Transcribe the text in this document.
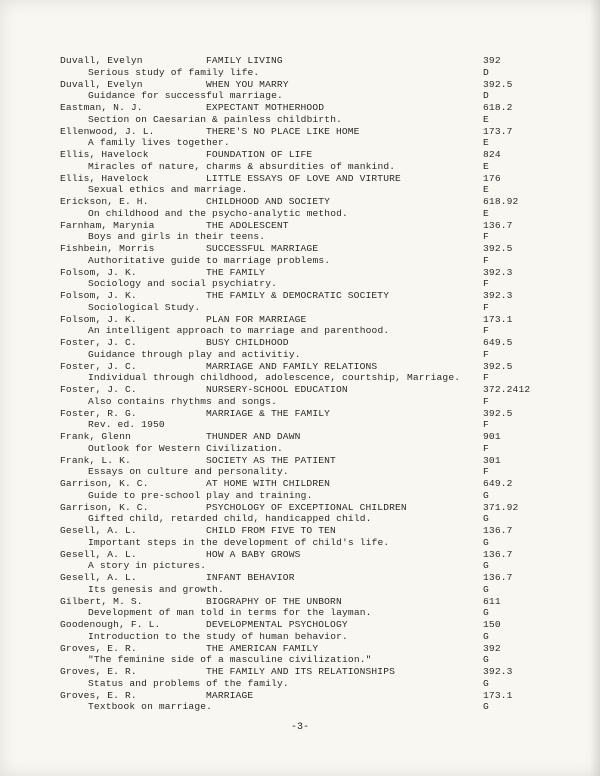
Duvall, Evelyn	FAMILY LIVING	392
Serious study of family life.	D
Duvall, Evelyn	WHEN YOU MARRY	392.5
Guidance for successful marriage.	D
Eastman, N. J.	EXPECTANT MOTHERHOOD	618.2
Section on Caesarian & painless childbirth.	E
Ellenwood, J. L.	THERE'S NO PLACE LIKE HOME	173.7
A family lives together.	E
Ellis, Havelock	FOUNDATION OF LIFE	824
Miracles of nature, charms & absurdities of mankind.	E
Ellis, Havelock	LITTLE ESSAYS OF LOVE AND VIRTURE	176
Sexual ethics and marriage.	E
Erickson, E. H.	CHILDHOOD AND SOCIETY	618.92
On childhood and the psycho-analytic method.	E
Farnham, Marynia	THE ADOLESCENT	136.7
Boys and girls in their teens.	F
Fishbein, Morris	SUCCESSFUL MARRIAGE	392.5
Authoritative guide to marriage problems.	F
Folsom, J. K.	THE FAMILY	392.3
Sociology and social psychiatry.	F
Folsom, J. K.	THE FAMILY & DEMOCRATIC SOCIETY	392.3
Sociological Study.	F
Folsom, J. K.	PLAN FOR MARRIAGE	173.1
An intelligent approach to marriage and parenthood.	F
Foster, J. C.	BUSY CHILDHOOD	649.5
Guidance through play and activitiy.	F
Foster, J. C.	MARRIAGE AND FAMILY RELATIONS	392.5
Individual through childhood, adolescence, courtship, Marriage. F
Foster, J. C.	NURSERY-SCHOOL EDUCATION	372.2412
Also contains rhythms and songs.	F
Foster, R. G.	MARRIAGE & THE FAMILY	392.5
Rev. ed. 1950	F
Frank, Glenn	THUNDER AND DAWN	901
Outlook for Western Civilization.	F
Frank, L. K.	SOCIETY AS THE PATIENT	301
Essays on culture and personality.	F
Garrison, K. C.	AT HOME WITH CHILDREN	649.2
Guide to pre-school play and training.	G
Garrison, K. C.	PSYCHOLOGY OF EXCEPTIONAL CHILDREN	371.92
Gifted child, retarded child, handicapped child.	G
Gesell, A. L.	CHILD FROM FIVE TO TEN	136.7
Important steps in the development of child's life.	G
Gesell, A. L.	HOW A BABY GROWS	136.7
A story in pictures.	G
Gesell, A. L.	INFANT BEHAVIOR	136.7
Its genesis and growth.	G
Gilbert, M. S.	BIOGRAPHY OF THE UNBORN	611
Development of man told in terms for the layman.	G
Goodenough, F. L.	DEVELOPMENTAL PSYCHOLOGY	150
Introduction to the study of human behavior.	G
Groves, E. R.	THE AMERICAN FAMILY	392
"The feminine side of a masculine civilization."	G
Groves, E. R.	THE FAMILY AND ITS RELATIONSHIPS	392.3
Status and problems of the family.	G
Groves, E. R.	MARRIAGE	173.1
Textbook on marriage.	G
-3-
